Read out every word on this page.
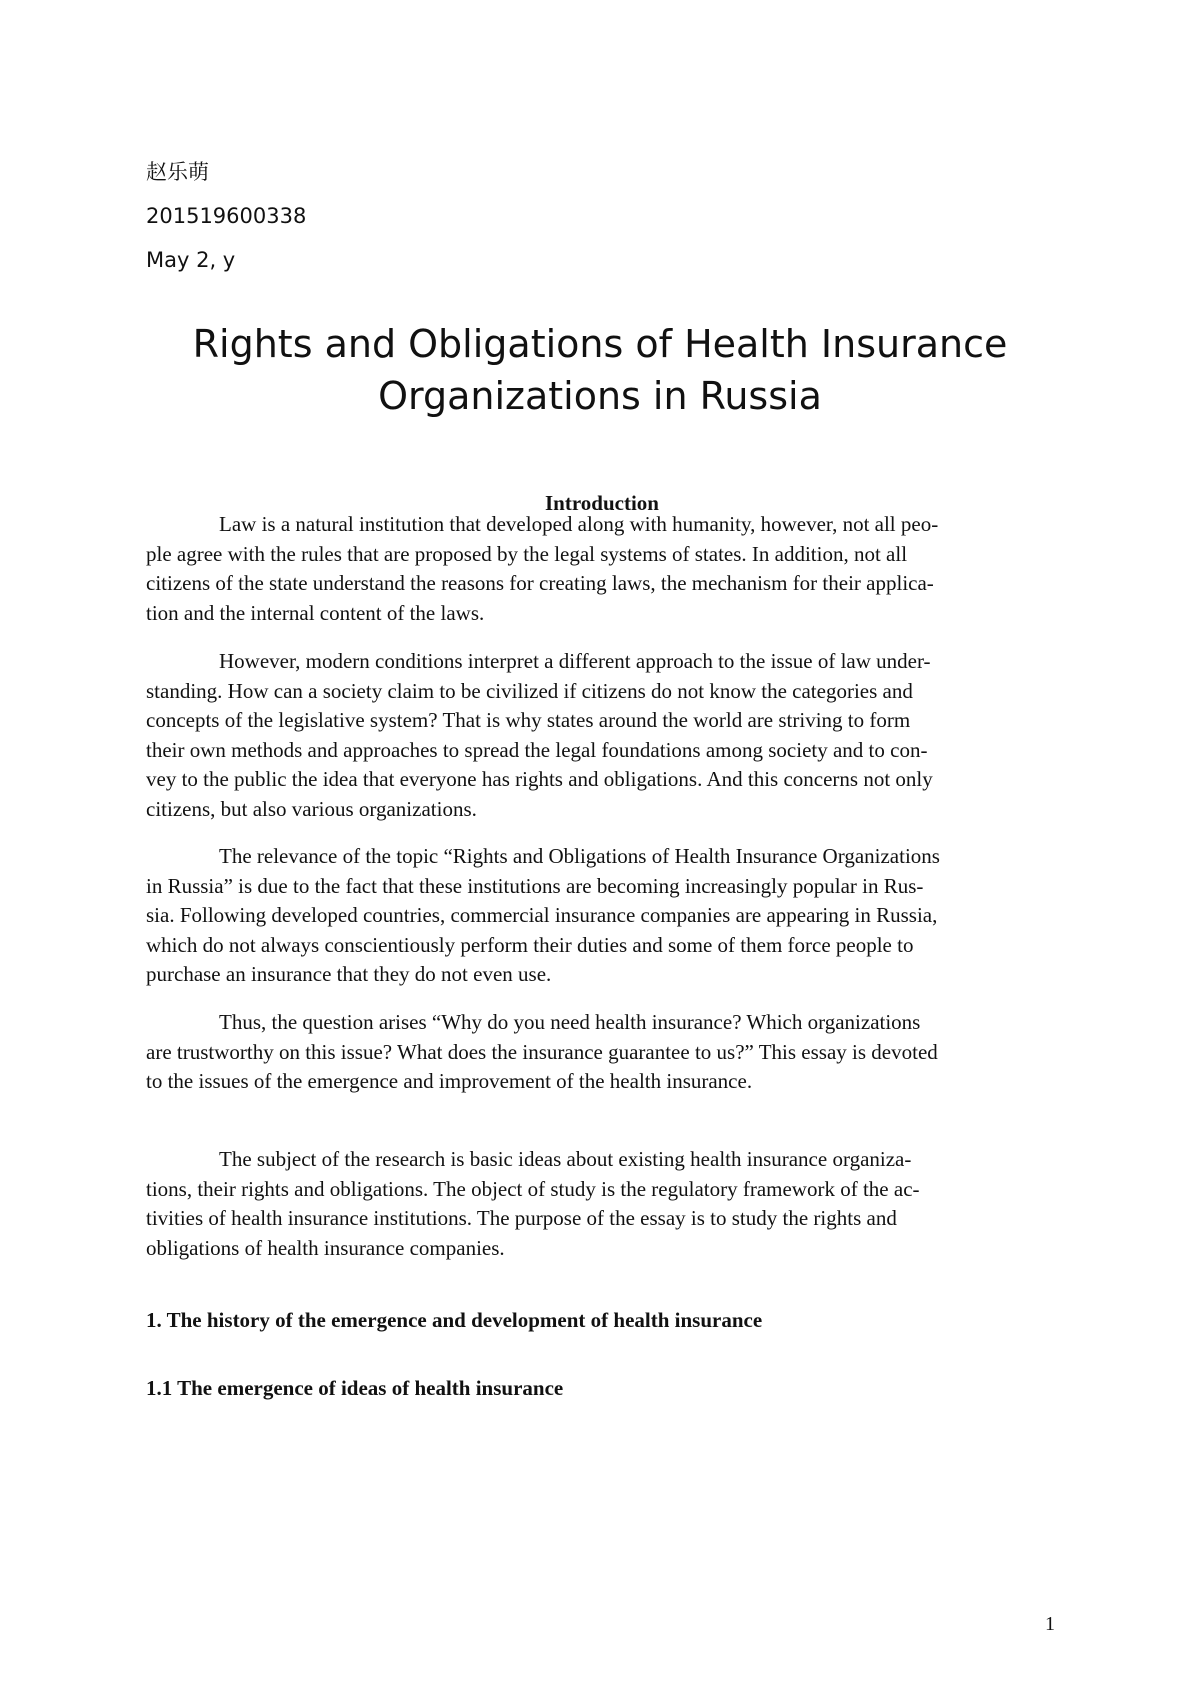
赵乐萌
201519600338
May 2, y
Rights and Obligations of Health Insurance
Organizations in Russia
Introduction

Law is a natural institution that developed along with humanity, however, not all peo-
ple agree with the rules that are proposed by the legal systems of states. In addition, not all
citizens of the state understand the reasons for creating laws, the mechanism for their applica-
tion and the internal content of the laws.

However, modern conditions interpret a different approach to the issue of law under-
standing. How can a society claim to be civilized if citizens do not know the categories and
concepts of the legislative system? That is why states around the world are striving to form
their own methods and approaches to spread the legal foundations among society and to con-
vey to the public the idea that everyone has rights and obligations. And this concerns not only
citizens, but also various organizations.

The relevance of the topic “Rights and Obligations of Health Insurance Organizations
in Russia” is due to the fact that these institutions are becoming increasingly popular in Rus-
sia. Following developed countries, commercial insurance companies are appearing in Russia,
which do not always conscientiously perform their duties and some of them force people to
purchase an insurance that they do not even use.

Thus, the question arises “Why do you need health insurance? Which organizations
are trustworthy on this issue? What does the insurance guarantee to us?” This essay is devoted
to the issues of the emergence and improvement of the health insurance.

The subject of the research is basic ideas about existing health insurance organiza-
tions, their rights and obligations. The object of study is the regulatory framework of the ac-
tivities of health insurance institutions. The purpose of the essay is to study the rights and
obligations of health insurance companies.

1. The history of the emergence and development of health insurance
1.1 The emergence of ideas of health insurance
1
